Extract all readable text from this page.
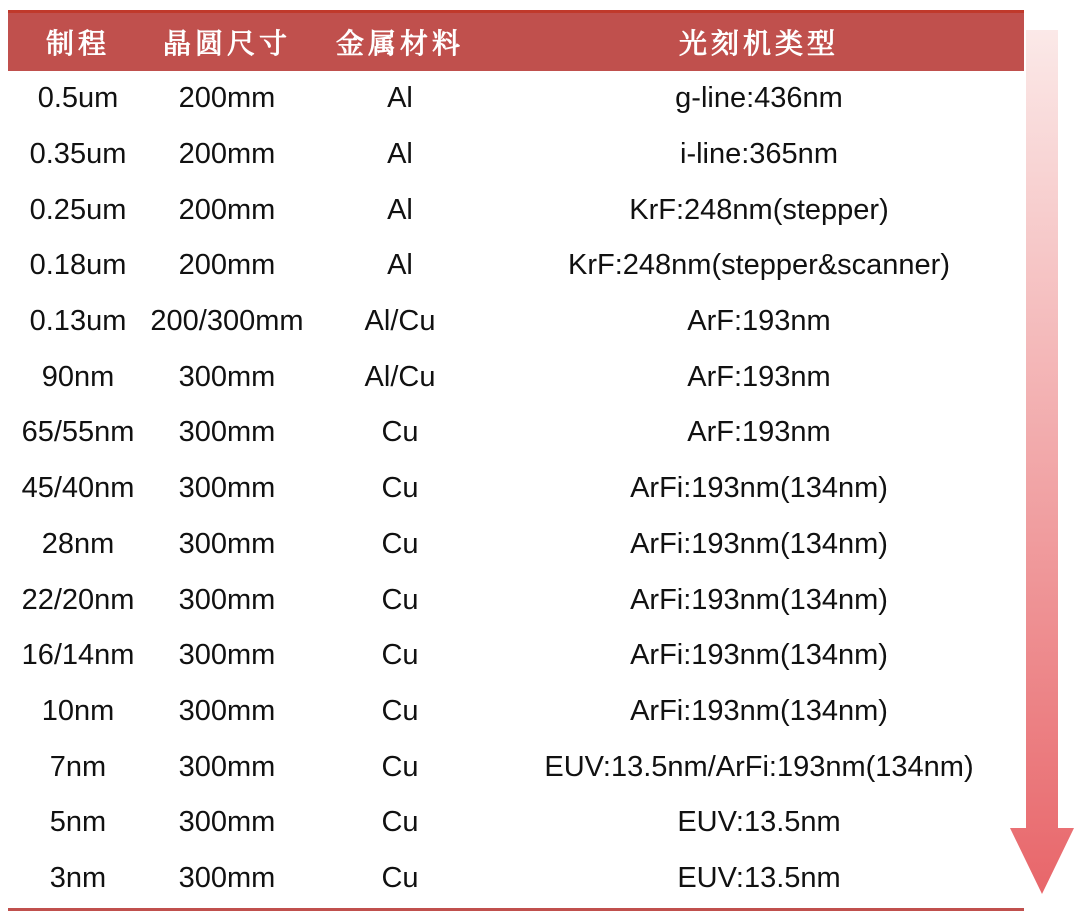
制程	晶圆尺寸	金属材料	光刻机类型
0.5um	200mm	Al	g-line:436nm
0.35um	200mm	Al	i-line:365nm
0.25um	200mm	Al	KrF:248nm(stepper)
0.18um	200mm	Al	KrF:248nm(stepper&scanner)
0.13um 200/300mm	Al/Cu	ArF:193nm
90nm	300mm	Al/Cu	ArF:193nm
65/55nm	300mm	Cu	ArF:193nm
45/40nm	300mm	Cu	ArFi:193nm(134nm)
28nm	300mm	Cu	ArFi:193nm(134nm)
22/20nm	300mm	Cu	ArFi:193nm(134nm)
16/14nm	300mm	Cu	ArFi:193nm(134nm)
10nm	300mm	Cu	ArFi:193nm(134nm)
7nm	300mm	Cu	EUV:13.5nm/ArFi:193nm(134nm)
5nm	300mm	Cu	EUV:13.5nm
3nm	300mm	Cu	EUV:13.5nm
